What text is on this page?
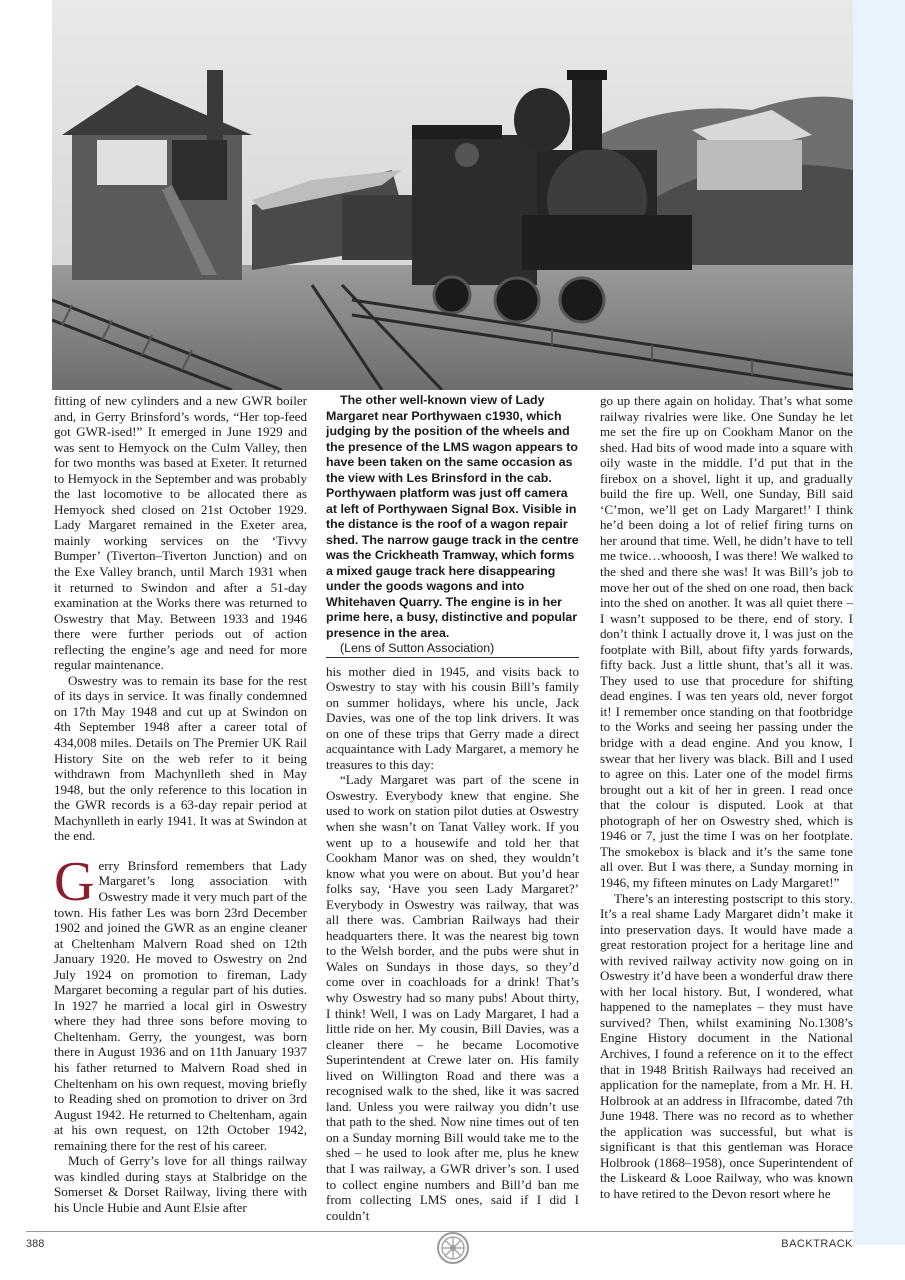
fitting of new cylinders and a new GWR boiler and, in Gerry Brinsford’s words, “Her top-feed got GWR-ised!” It emerged in June 1929 and was sent to Hemyock on the Culm Valley, then for two months was based at Exeter. It returned to Hemyock in the September and was probably the last locomotive to be allocated there as Hemyock shed closed on 21st October 1929. Lady Margaret remained in the Exeter area, mainly working services on the ‘Tivvy Bumper’ (Tiverton–Tiverton Junction) and on the Exe Valley branch, until March 1931 when it returned to Swindon and after a 51-day examination at the Works there was returned to Oswestry that May. Between 1933 and 1946 there were further periods out of action reflecting the engine’s age and need for more regular maintenance.

Oswestry was to remain its base for the rest of its days in service. It was finally condemned on 17th May 1948 and cut up at Swindon on 4th September 1948 after a career total of 434,008 miles. Details on The Premier UK Rail History Site on the web refer to it being withdrawn from Machynlleth shed in May 1948, but the only reference to this location in the GWR records is a 63-day repair period at Machynlleth in early 1941. It was at Swindon at the end.

Gerry Brinsford remembers that Lady Margaret’s long association with Oswestry made it very much part of the town. His father Les was born 23rd December 1902 and joined the GWR as an engine cleaner at Cheltenham Malvern Road shed on 12th January 1920. He moved to Oswestry on 2nd July 1924 on promotion to fireman, Lady Margaret becoming a regular part of his duties. In 1927 he married a local girl in Oswestry where they had three sons before moving to Cheltenham. Gerry, the youngest, was born there in August 1936 and on 11th January 1937 his father returned to Malvern Road shed in Cheltenham on his own request, moving briefly to Reading shed on promotion to driver on 3rd August 1942. He returned to Cheltenham, again at his own request, on 12th October 1942, remaining there for the rest of his career.

Much of Gerry’s love for all things railway was kindled during stays at Stalbridge on the Somerset & Dorset Railway, living there with his Uncle Hubie and Aunt Elsie after

The other well-known view of Lady Margaret near Porthywaen c1930, which judging by the position of the wheels and the presence of the LMS wagon appears to have been taken on the same occasion as the view with Les Brinsford in the cab. Porthywaen platform was just off camera at left of Porthywaen Signal Box. Visible in the distance is the roof of a wagon repair shed. The narrow gauge track in the centre was the Crickheath Tramway, which forms a mixed gauge track here disappearing under the goods wagons and into Whitehaven Quarry. The engine is in her prime here, a busy, distinctive and popular presence in the area.

(Lens of Sutton Association)

his mother died in 1945, and visits back to Oswestry to stay with his cousin Bill’s family on summer holidays, where his uncle, Jack Davies, was one of the top link drivers. It was on one of these trips that Gerry made a direct acquaintance with Lady Margaret, a memory he treasures to this day:

“Lady Margaret was part of the scene in Oswestry. Everybody knew that engine. She used to work on station pilot duties at Oswestry when she wasn’t on Tanat Valley work. If you went up to a housewife and told her that Cookham Manor was on shed, they wouldn’t know what you were on about. But you’d hear folks say, ‘Have you seen Lady Margaret?’ Everybody in Oswestry was railway, that was all there was. Cambrian Railways had their headquarters there. It was the nearest big town to the Welsh border, and the pubs were shut in Wales on Sundays in those days, so they’d come over in coachloads for a drink! That’s why Oswestry had so many pubs! About thirty, I think! Well, I was on Lady Margaret, I had a little ride on her. My cousin, Bill Davies, was a cleaner there – he became Locomotive Superintendent at Crewe later on. His family lived on Willington Road and there was a recognised walk to the shed, like it was sacred land. Unless you were railway you didn’t use that path to the shed. Now nine times out of ten on a Sunday morning Bill would take me to the shed – he used to look after me, plus he knew that I was railway, a GWR driver’s son. I used to collect engine numbers and Bill’d ban me from collecting LMS ones, said if I did I couldn’t

go up there again on holiday. That’s what some railway rivalries were like. One Sunday he let me set the fire up on Cookham Manor on the shed. Had bits of wood made into a square with oily waste in the middle. I’d put that in the firebox on a shovel, light it up, and gradually build the fire up. Well, one Sunday, Bill said ‘C’mon, we’ll get on Lady Margaret!’ I think he’d been doing a lot of relief firing turns on her around that time. Well, he didn’t have to tell me twice…whooosh, I was there! We walked to the shed and there she was! It was Bill’s job to move her out of the shed on one road, then back into the shed on another. It was all quiet there – I wasn’t supposed to be there, end of story. I don’t think I actually drove it, I was just on the footplate with Bill, about fifty yards forwards, fifty back. Just a little shunt, that’s all it was. They used to use that procedure for shifting dead engines. I was ten years old, never forgot it! I remember once standing on that footbridge to the Works and seeing her passing under the bridge with a dead engine. And you know, I swear that her livery was black. Bill and I used to agree on this. Later one of the model firms brought out a kit of her in green. I read once that the colour is disputed. Look at that photograph of her on Oswestry shed, which is 1946 or 7, just the time I was on her footplate. The smokebox is black and it’s the same tone all over. But I was there, a Sunday morning in 1946, my fifteen minutes on Lady Margaret!”

There’s an interesting postscript to this story. It’s a real shame Lady Margaret didn’t make it into preservation days. It would have made a great restoration project for a heritage line and with revived railway activity now going on in Oswestry it’d have been a wonderful draw there with her local history. But, I wondered, what happened to the nameplates – they must have survived? Then, whilst examining No.1308’s Engine History document in the National Archives, I found a reference on it to the effect that in 1948 British Railways had received an application for the nameplate, from a Mr. H. H. Holbrook at an address in Ilfracombe, dated 7th June 1948. There was no record as to whether the application was successful, but what is significant is that this gentleman was Horace Holbrook (1868–1958), once Superintendent of the Liskeard & Looe Railway, who was known to have retired to the Devon resort where he

388	BACKTRACK
